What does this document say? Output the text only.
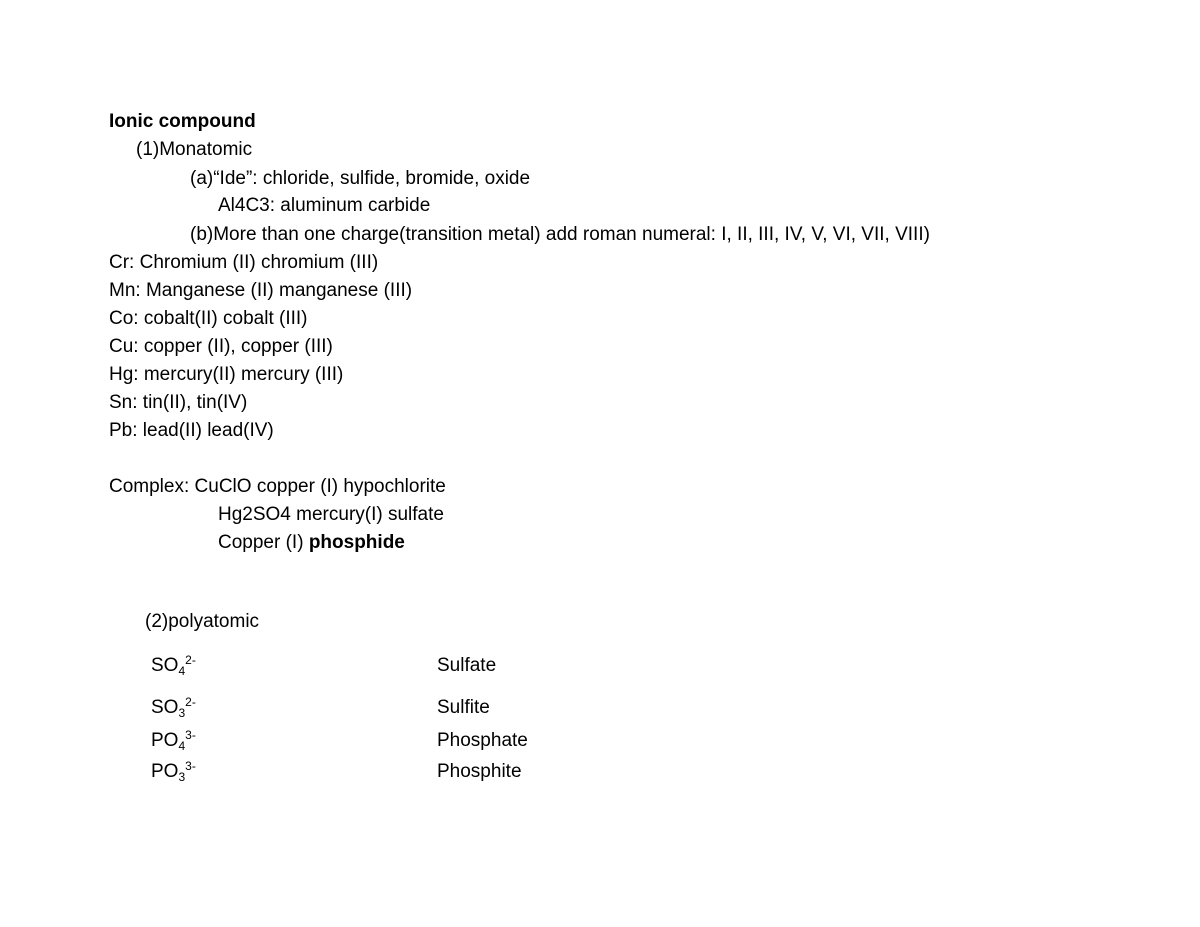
Ionic compound
(1)Monatomic
(a)“Ide”: chloride, sulfide, bromide, oxide
Al4C3: aluminum carbide
(b)More than one charge(transition metal) add roman numeral: I, II, III, IV, V, VI, VII, VIII)
Cr: Chromium (II) chromium (III)
Mn: Manganese (II) manganese (III)
Co: cobalt(II) cobalt (III)
Cu: copper (II), copper (III)
Hg: mercury(II) mercury (III)
Sn: tin(II), tin(IV)
Pb: lead(II) lead(IV)
Complex: CuClO copper (I) hypochlorite
Hg2SO4 mercury(I) sulfate
Copper (I) phosphide
(2)polyatomic
$SO_4^{2-}$	Sulfate
$SO_3^{2-}$	Sulfite
$PO_4^{3-}$	Phosphate
$PO_3^{3-}$	Phosphite
